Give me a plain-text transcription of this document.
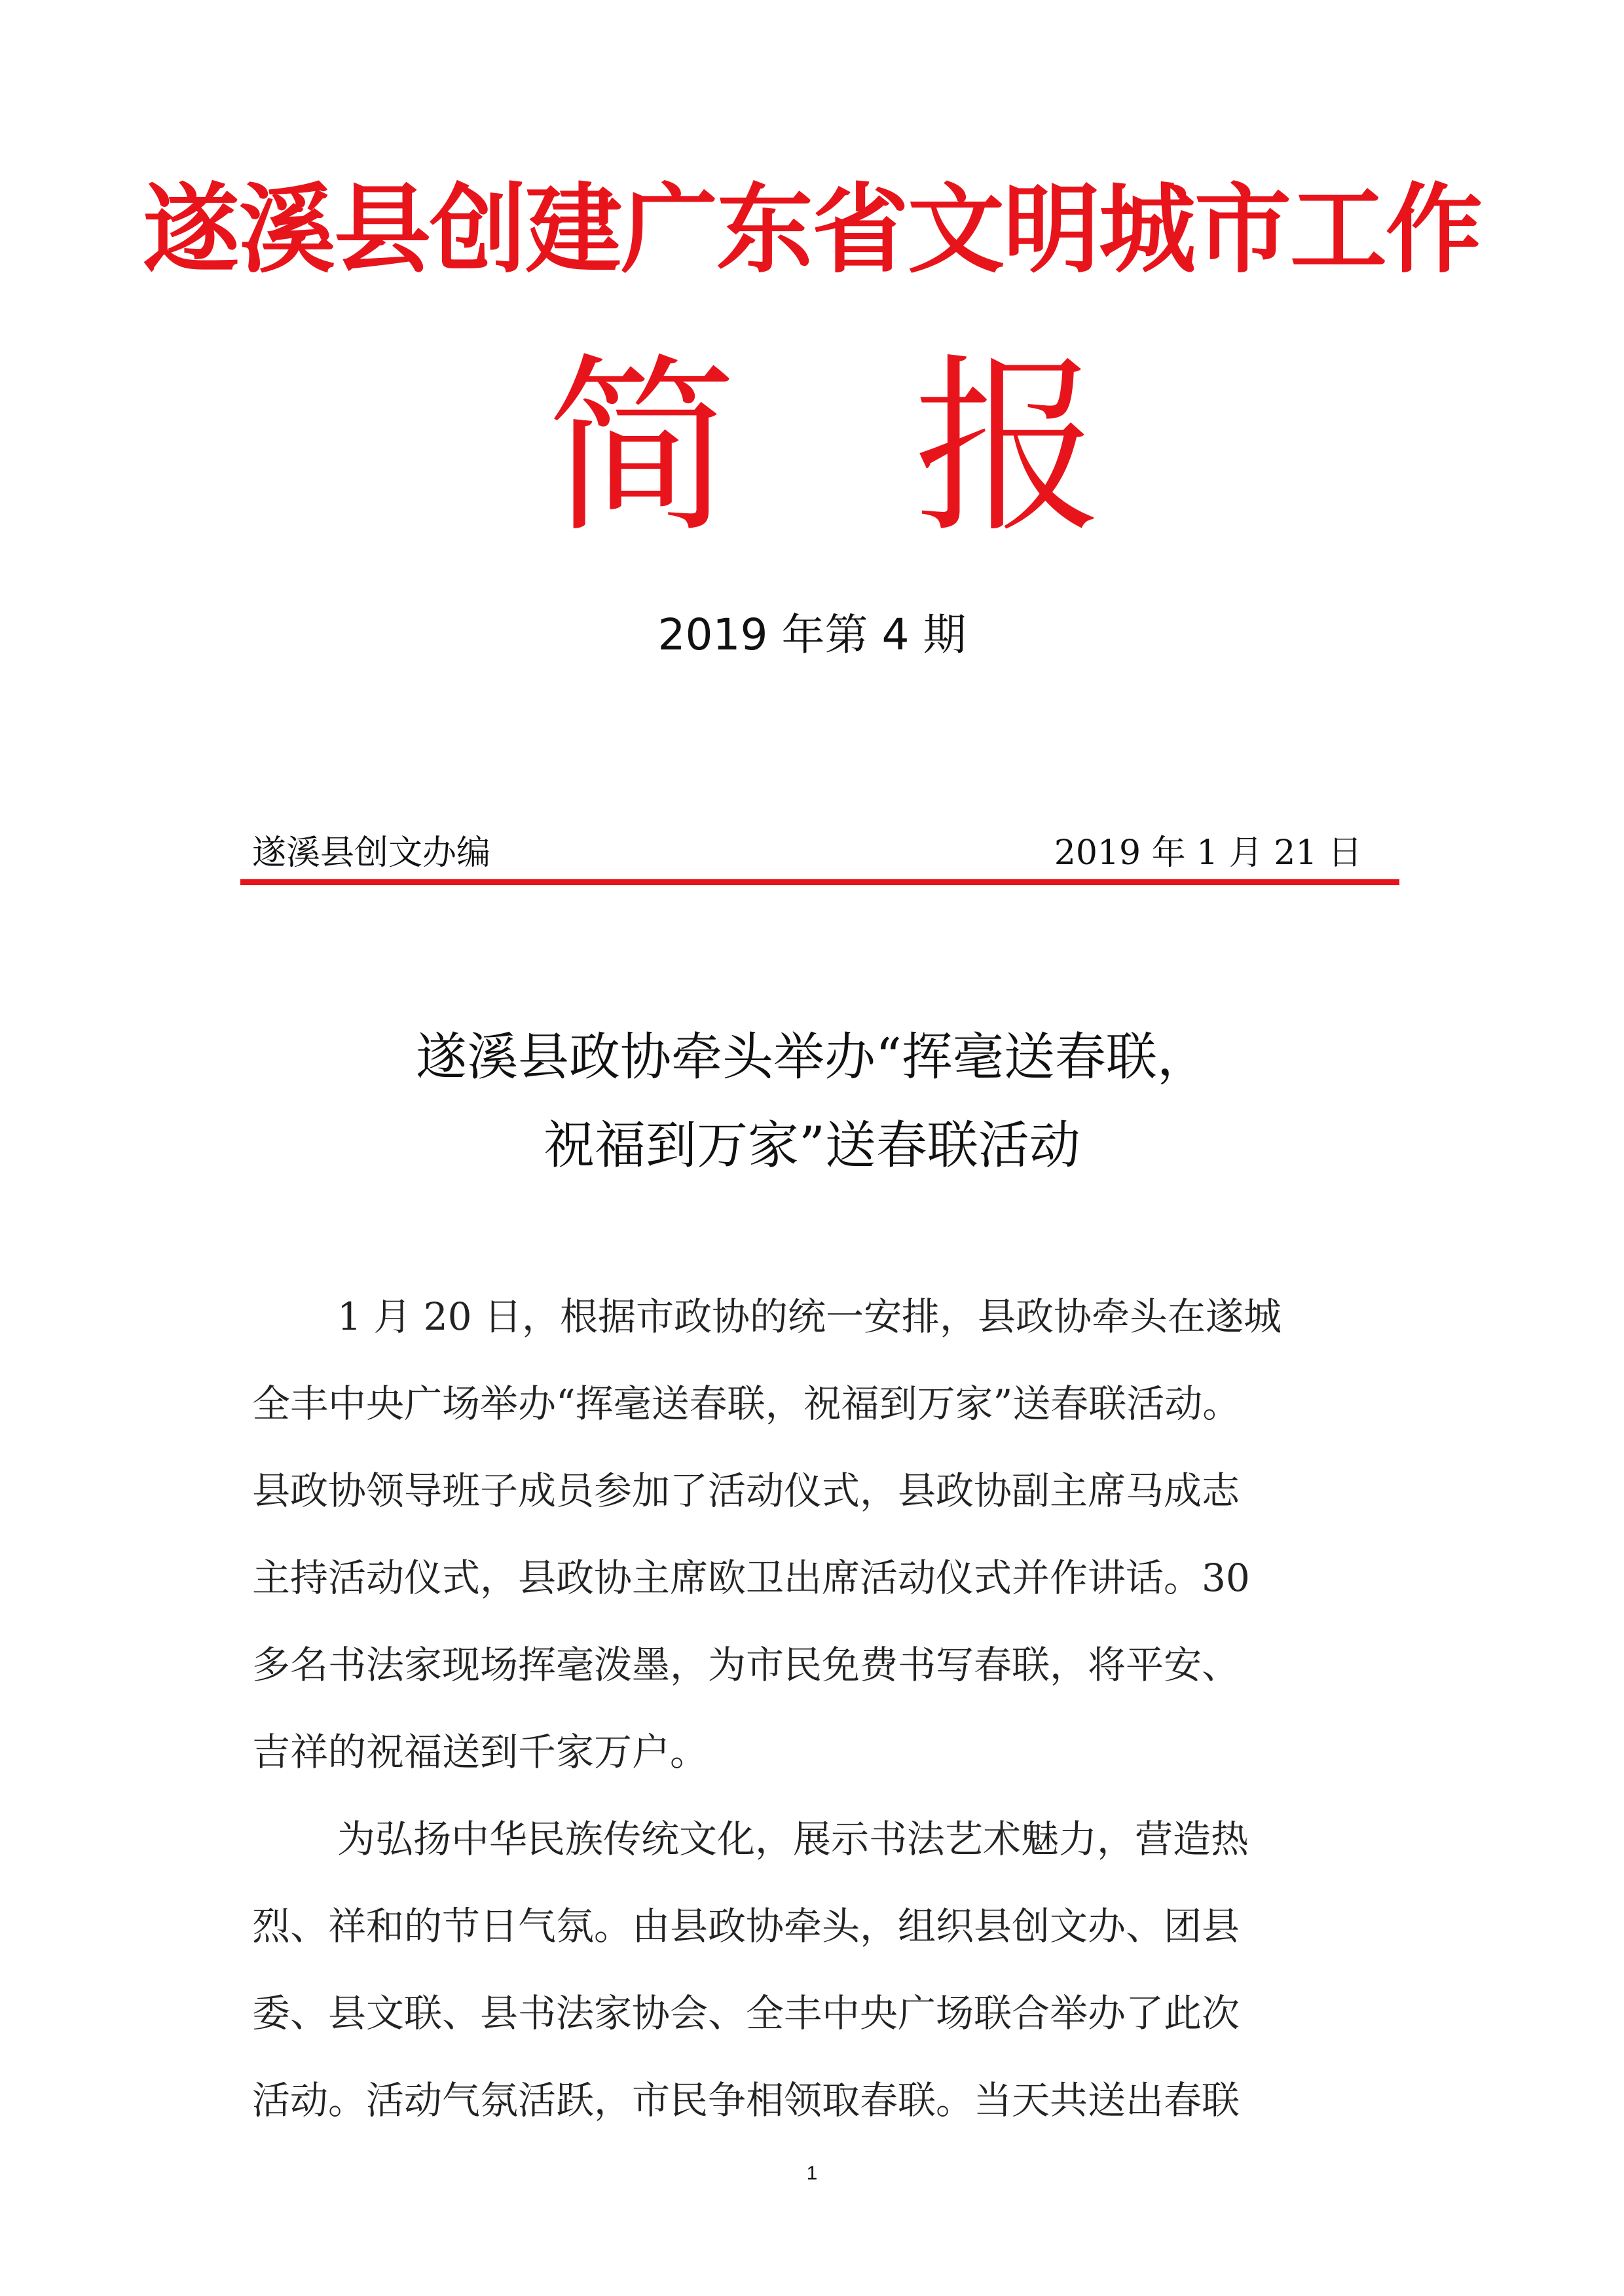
遂溪县创建广东省文明城市工作
简 报
2019 年第 4 期
遂溪县创文办编	2019 年 1 月 21 日
遂溪县政协牵头举办“挥毫送春联，
祝福到万家”送春联活动
1 月 20 日，根据市政协的统一安排，县政协牵头在遂城
全丰中央广场举办“挥毫送春联，祝福到万家”送春联活动。
县政协领导班子成员参加了活动仪式，县政协副主席马成志
主持活动仪式，县政协主席欧卫出席活动仪式并作讲话。30
多名书法家现场挥毫泼墨，为市民免费书写春联，将平安、
吉祥的祝福送到千家万户。
为弘扬中华民族传统文化，展示书法艺术魅力，营造热
烈、祥和的节日气氛。由县政协牵头，组织县创文办、团县
委、县文联、县书法家协会、全丰中央广场联合举办了此次
活动。活动气氛活跃，市民争相领取春联。当天共送出春联
1
